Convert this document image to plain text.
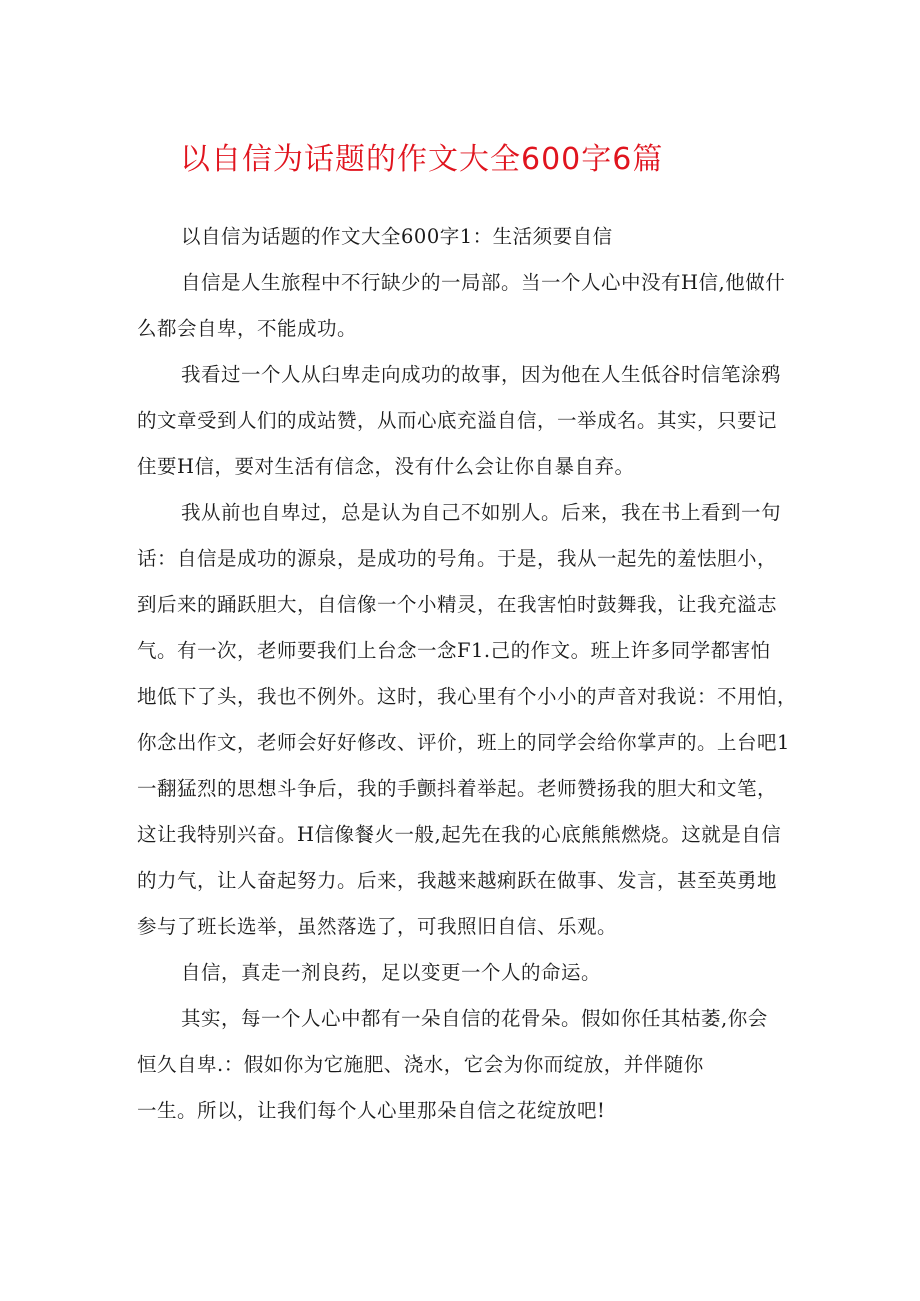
以自信为话题的作文大全600字6篇

以自信为话题的作文大全600字1：生活须要自信

自信是人生旅程中不行缺少的一局部。当一个人心中没有H信,他做什
么都会自卑，不能成功。

我看过一个人从臼卑走向成功的故事，因为他在人生低谷时信笔涂鸦
的文章受到人们的成站赞，从而心底充溢自信，一举成名。其实，只要记
住要H信，要对生活有信念，没有什么会让你自暴自弃。

我从前也自卑过，总是认为自己不如别人。后来，我在书上看到一句
话：自信是成功的源泉，是成功的号角。于是，我从一起先的羞怯胆小，
到后来的踊跃胆大，自信像一个小精灵，在我害怕时鼓舞我，让我充溢志
气。有一次，老师要我们上台念一念F1.己的作文。班上许多同学都害怕
地低下了头，我也不例外。这时，我心里有个小小的声音对我说：不用怕，
你念出作文，老师会好好修改、评价，班上的同学会给你掌声的。上台吧1
一翻猛烈的思想斗争后，我的手颤抖着举起。老师赞扬我的胆大和文笔，
这让我特别兴奋。H信像餐火一般,起先在我的心底熊熊燃烧。这就是自信
的力气，让人奋起努力。后来，我越来越痢跃在做事、发言，甚至英勇地
参与了班长选举，虽然落选了，可我照旧自信、乐观。

自信，真走一剂良药，足以变更一个人的命运。

其实，每一个人心中都有一朵自信的花骨朵。假如你任其枯萎,你会
恒久自卑.：假如你为它施肥、浇水，它会为你而绽放，并伴随你
一生。所以，让我们每个人心里那朵自信之花绽放吧!
